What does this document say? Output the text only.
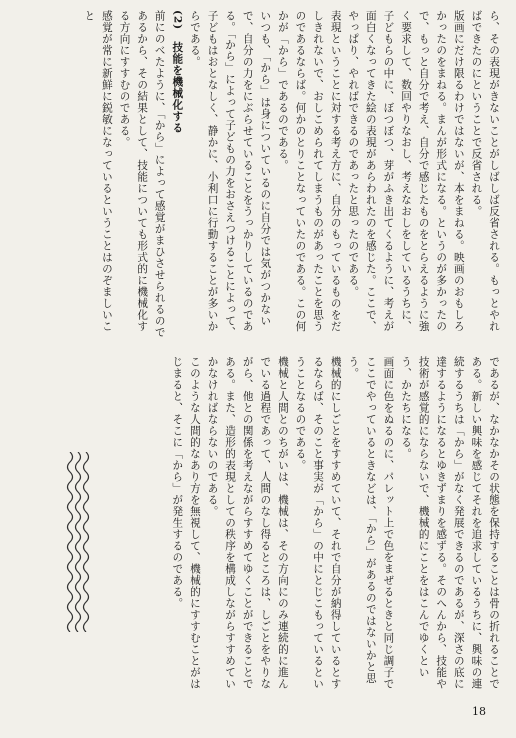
ら、その表現がきないことがしばしば反省される。もっとやればできたのにということで反省される。

版画にだけ限るわけではないが、本をまねる。映画のおもしろかったのをまねる。まんが形式になる。というのが多かったので、もっと自分で考え、自分で感じたものをとらえるように強く要求して、数回やりなおし、考えなおしをしているうちに、子どもらの中に、ぼつぼつ、芽がふき出てくるように、考えが面白くなってきた絵の表現があらわれたのを感じた。ここで、やっぱり、やればできるのであったと思ったのである。

表現ということに対する考え方に、自分のもっているものをだしきれないで、おしこめられてしまうものがあったことを思うのであるならば。何かのとりことなっていたのである。この何かが「から」であるのである。

いつも、「から」は身についているのに自分では気がつかないで、自分の力をにぶらせていることをうっかりしているのである。「から」によって子どもの力をおさえつけることによって、子どもはおとなしく、静かに、小利口に行動することが多いからである。

(2)　技能を機械化する

前にのべたように、「から」によって感覚がまひさせられるのであるから、その結果として、技能についても形式的に機械化する方向にすすむのである。

感覚が常に新鮮に鋭敏になっているということはのぞましいこと

であるが、なかなかその状態を保持することは骨の折れることである。新しい興味を感じてそれを追求しているうちに、興味の連続するうちは「から」がなく発展できるのであるが、深さの底に達するようになるとゆきずまりを感ずる。そのへんから、技能や技術が感覚的にならないで、機械的にことをはこんでゆくという、かたちになる。

画面に色をぬるのに、パレット上で色をまぜるときと同じ調子でここでやっているときなどは、「から」があるのではないかと思う。

機械的にしごとをすすめていて、それで自分が納得しているとするならば、そのこと事実が「から」の中にとじこもっているということなるのである。

機械と人間とのちがいは、機械は、その方向にのみ連続的に進んでいる過程であって、人間のなし得るところは、しごとをやりながら、他との関係を考えながらすすめてゆくことができることである。また、造形的表現としての秩序を構成しながらすすめていかなければならないのである。

このような人間的なあり方を無視して、機械的にすすむことがはじまると、そこに「から」が発生するのである。

18
